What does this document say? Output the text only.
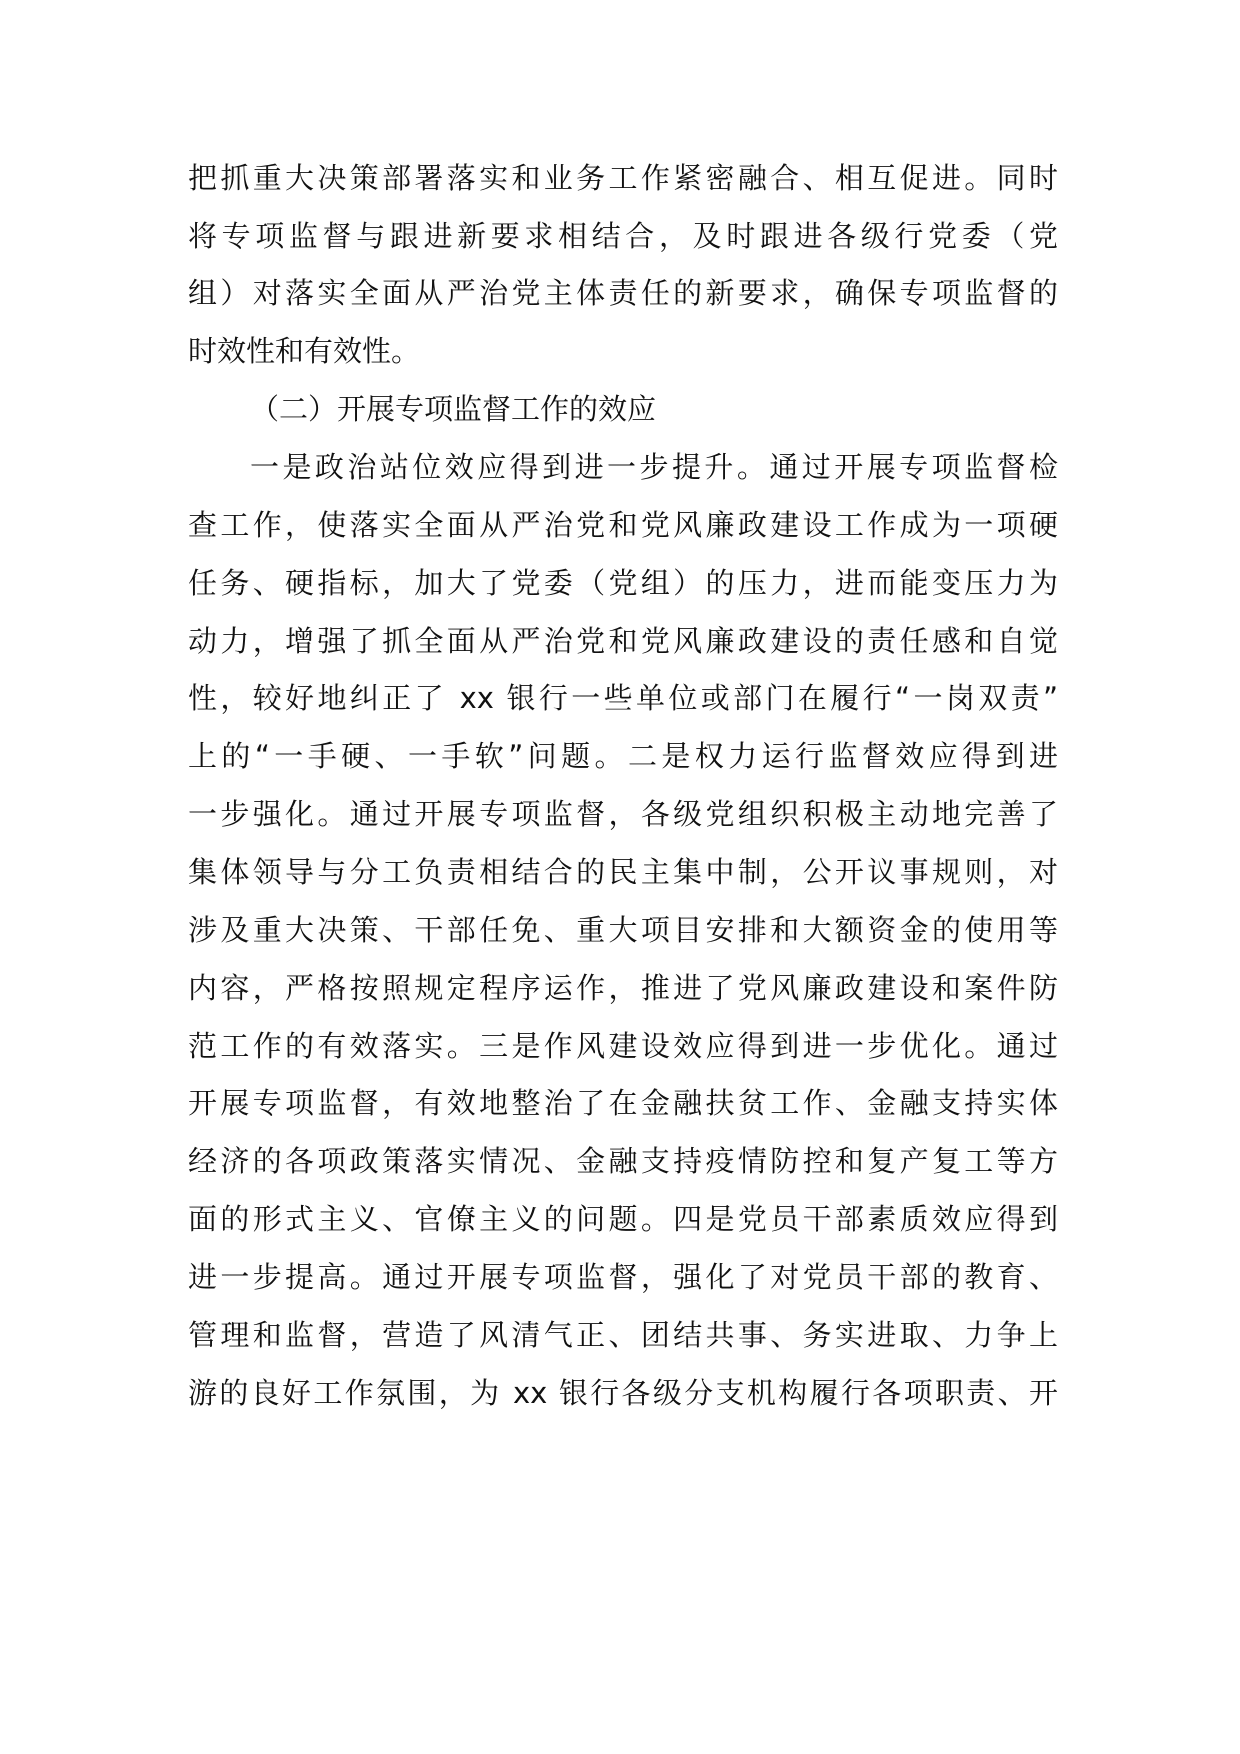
把抓重大决策部署落实和业务工作紧密融合、相互促进。同时
将专项监督与跟进新要求相结合，及时跟进各级行党委（党
组）对落实全面从严治党主体责任的新要求，确保专项监督的
时效性和有效性。
（二）开展专项监督工作的效应
一是政治站位效应得到进一步提升。通过开展专项监督检
查工作，使落实全面从严治党和党风廉政建设工作成为一项硬
任务、硬指标，加大了党委（党组）的压力，进而能变压力为
动力，增强了抓全面从严治党和党风廉政建设的责任感和自觉
性，较好地纠正了 xx 银行一些单位或部门在履行“一岗双责”
上的“一手硬、一手软”问题。二是权力运行监督效应得到进
一步强化。通过开展专项监督，各级党组织积极主动地完善了
集体领导与分工负责相结合的民主集中制，公开议事规则，对
涉及重大决策、干部任免、重大项目安排和大额资金的使用等
内容，严格按照规定程序运作，推进了党风廉政建设和案件防
范工作的有效落实。三是作风建设效应得到进一步优化。通过
开展专项监督，有效地整治了在金融扶贫工作、金融支持实体
经济的各项政策落实情况、金融支持疫情防控和复产复工等方
面的形式主义、官僚主义的问题。四是党员干部素质效应得到
进一步提高。通过开展专项监督，强化了对党员干部的教育、
管理和监督，营造了风清气正、团结共事、务实进取、力争上
游的良好工作氛围，为 xx 银行各级分支机构履行各项职责、开
